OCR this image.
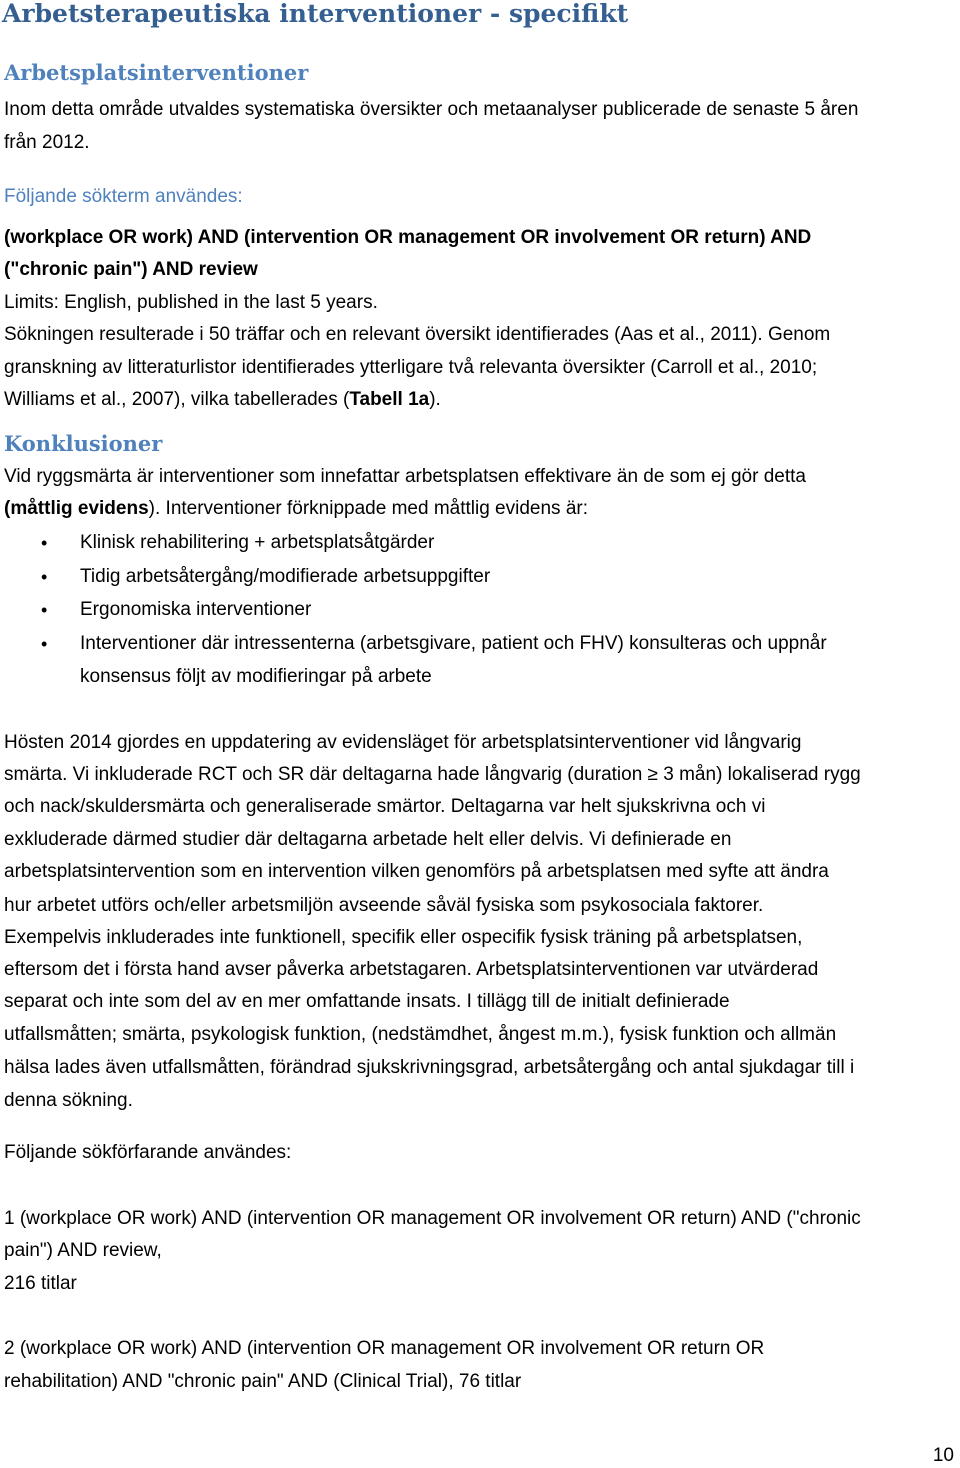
Arbetsterapeutiska interventioner - specifikt
Arbetsplatsinterventioner

Inom detta område utvaldes systematiska översikter och metaanalyser publicerade de senaste 5 åren

från 2012.

Följande sökterm användes:

(workplace OR work) AND (intervention OR management OR involvement OR return) AND

("chronic pain") AND review

Limits: English, published in the last 5 years.

Sökningen resulterade i 50 träffar och en relevant översikt identifierades (Aas et al., 2011). Genom

granskning av litteraturlistor identifierades ytterligare två relevanta översikter (Carroll et al., 2010;

Williams et al., 2007), vilka tabellerades (Tabell 1a).

Konklusioner

Vid ryggsmärta är interventioner som innefattar arbetsplatsen effektivare än de som ej gör detta

(måttlig evidens). Interventioner förknippade med måttlig evidens är:

• Klinisk rehabilitering + arbetsplatsåtgärder

• Tidig arbetsåtergång/modifierade arbetsuppgifter

• Ergonomiska interventioner

• Interventioner där intressenterna (arbetsgivare, patient och FHV) konsulteras och uppnår

konsensus följt av modifieringar på arbete

Hösten 2014 gjordes en uppdatering av evidensläget för arbetsplatsinterventioner vid långvarig

smärta. Vi inkluderade RCT och SR där deltagarna hade långvarig (duration ≥ 3 mån) lokaliserad rygg

och nack/skuldersmärta och generaliserade smärtor. Deltagarna var helt sjukskrivna och vi

exkluderade därmed studier där deltagarna arbetade helt eller delvis. Vi definierade en

arbetsplatsintervention som en intervention vilken genomförs på arbetsplatsen med syfte att ändra

hur arbetet utförs och/eller arbetsmiljön avseende såväl fysiska som psykosociala faktorer.

Exempelvis inkluderades inte funktionell, specifik eller ospecifik fysisk träning på arbetsplatsen,

eftersom det i första hand avser påverka arbetstagaren. Arbetsplatsinterventionen var utvärderad

separat och inte som del av en mer omfattande insats. I tillägg till de initialt definierade

utfallsmåtten; smärta, psykologisk funktion, (nedstämdhet, ångest m.m.), fysisk funktion och allmän

hälsa lades även utfallsmåtten, förändrad sjukskrivningsgrad, arbetsåtergång och antal sjukdagar till i

denna sökning.

Följande sökförfarande användes:

1 (workplace OR work) AND (intervention OR management OR involvement OR return) AND ("chronic

pain") AND review,

216 titlar

2 (workplace OR work) AND (intervention OR management OR involvement OR return OR

rehabilitation) AND "chronic pain" AND (Clinical Trial), 76 titlar

10
